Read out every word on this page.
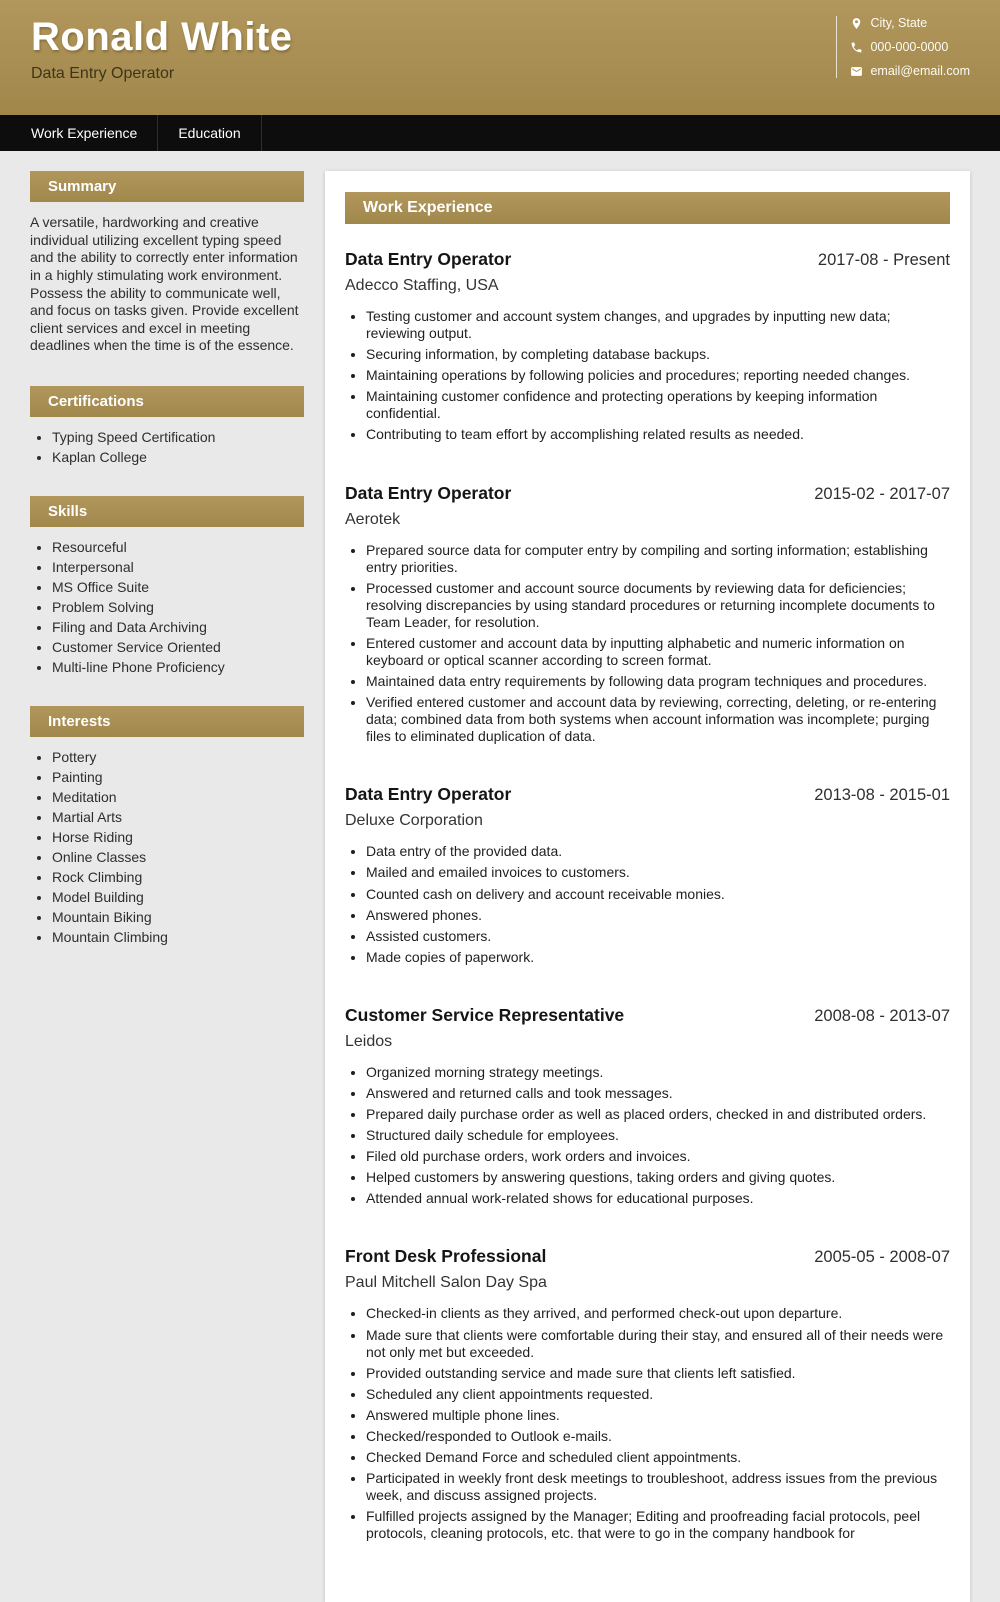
Ronald White
Data Entry Operator
City, State
000-000-0000
email@email.com
Work Experience	Education
Summary

A versatile, hardworking and creative individual utilizing excellent typing speed and the ability to correctly enter information in a highly stimulating work environment. Possess the ability to communicate well, and focus on tasks given. Provide excellent client services and excel in meeting deadlines when the time is of the essence.

Certifications
• Typing Speed Certification
• Kaplan College
Skills
• Resourceful
• Interpersonal
• MS Office Suite
• Problem Solving
• Filing and Data Archiving
• Customer Service Oriented
• Multi-line Phone Proficiency
Interests
• Pottery
• Painting
• Meditation
• Martial Arts
• Horse Riding
• Online Classes
• Rock Climbing
• Model Building
• Mountain Biking
• Mountain Climbing
Work Experience
Data Entry Operator	2017-08 - Present
Adecco Staffing, USA
• Testing customer and account system changes, and upgrades by inputting new data; reviewing output.
• Securing information, by completing database backups.
• Maintaining operations by following policies and procedures; reporting needed changes.
• Maintaining customer confidence and protecting operations by keeping information confidential.
• Contributing to team effort by accomplishing related results as needed.
Data Entry Operator	2015-02 - 2017-07
Aerotek
• Prepared source data for computer entry by compiling and sorting information; establishing entry priorities.
• Processed customer and account source documents by reviewing data for deficiencies; resolving discrepancies by using standard procedures or returning incomplete documents to Team Leader, for resolution.
• Entered customer and account data by inputting alphabetic and numeric information on keyboard or optical scanner according to screen format.
• Maintained data entry requirements by following data program techniques and procedures.
• Verified entered customer and account data by reviewing, correcting, deleting, or re-entering data; combined data from both systems when account information was incomplete; purging files to eliminated duplication of data.
Data Entry Operator	2013-08 - 2015-01
Deluxe Corporation
• Data entry of the provided data.
• Mailed and emailed invoices to customers.
• Counted cash on delivery and account receivable monies.
• Answered phones.
• Assisted customers.
• Made copies of paperwork.
Customer Service Representative	2008-08 - 2013-07
Leidos
• Organized morning strategy meetings.
• Answered and returned calls and took messages.
• Prepared daily purchase order as well as placed orders, checked in and distributed orders.
• Structured daily schedule for employees.
• Filed old purchase orders, work orders and invoices.
• Helped customers by answering questions, taking orders and giving quotes.
• Attended annual work-related shows for educational purposes.
Front Desk Professional	2005-05 - 2008-07
Paul Mitchell Salon Day Spa
• Checked-in clients as they arrived, and performed check-out upon departure.
• Made sure that clients were comfortable during their stay, and ensured all of their needs were not only met but exceeded.
• Provided outstanding service and made sure that clients left satisfied.
• Scheduled any client appointments requested.
• Answered multiple phone lines.
• Checked/responded to Outlook e-mails.
• Checked Demand Force and scheduled client appointments.
• Participated in weekly front desk meetings to troubleshoot, address issues from the previous week, and discuss assigned projects.
• Fulfilled projects assigned by the Manager; Editing and proofreading facial protocols, peel protocols, cleaning protocols, etc. that were to go in the company handbook for
